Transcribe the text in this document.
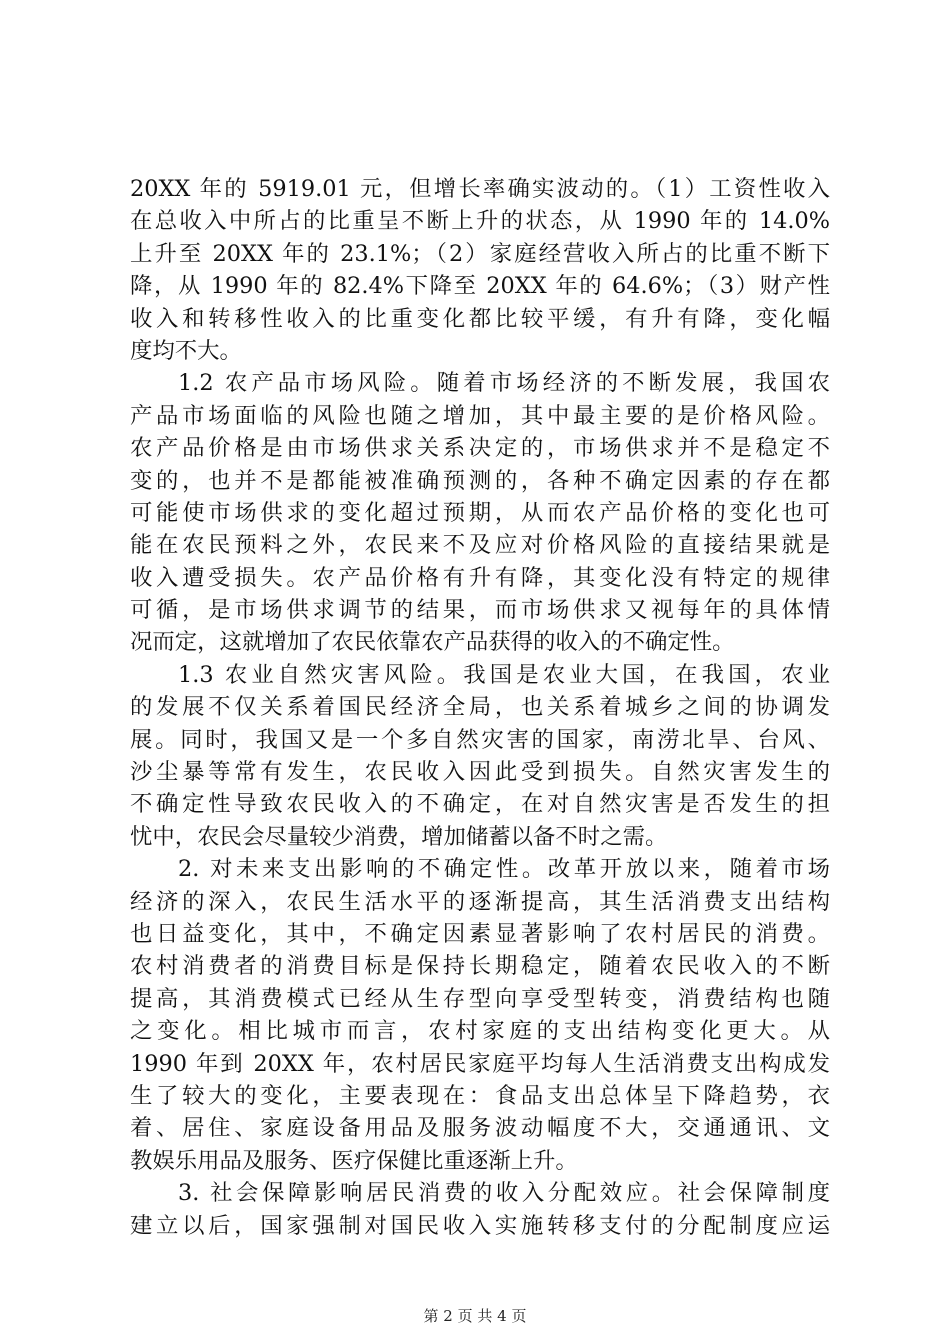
20XX 年的 5919.01 元，但增长率确实波动的。（1）工资性收入
在总收入中所占的比重呈不断上升的状态，从 1990 年的 14.0%
上升至 20XX 年的 23.1%；（2）家庭经营收入所占的比重不断下
降，从 1990 年的 82.4%下降至 20XX 年的 64.6%；（3）财产性
收入和转移性收入的比重变化都比较平缓，有升有降，变化幅
度均不大。
1.2 农产品市场风险。随着市场经济的不断发展，我国农
产品市场面临的风险也随之增加，其中最主要的是价格风险。
农产品价格是由市场供求关系决定的，市场供求并不是稳定不
变的，也并不是都能被准确预测的，各种不确定因素的存在都
可能使市场供求的变化超过预期，从而农产品价格的变化也可
能在农民预料之外，农民来不及应对价格风险的直接结果就是
收入遭受损失。农产品价格有升有降，其变化没有特定的规律
可循，是市场供求调节的结果，而市场供求又视每年的具体情
况而定，这就增加了农民依靠农产品获得的收入的不确定性。
1.3 农业自然灾害风险。我国是农业大国，在我国，农业
的发展不仅关系着国民经济全局，也关系着城乡之间的协调发
展。同时，我国又是一个多自然灾害的国家，南涝北旱、台风、
沙尘暴等常有发生，农民收入因此受到损失。自然灾害发生的
不确定性导致农民收入的不确定，在对自然灾害是否发生的担
忧中，农民会尽量较少消费，增加储蓄以备不时之需。
2. 对未来支出影响的不确定性。改革开放以来，随着市场
经济的深入，农民生活水平的逐渐提高，其生活消费支出结构
也日益变化，其中，不确定因素显著影响了农村居民的消费。
农村消费者的消费目标是保持长期稳定，随着农民收入的不断
提高，其消费模式已经从生存型向享受型转变，消费结构也随
之变化。相比城市而言，农村家庭的支出结构变化更大。从
1990 年到 20XX 年，农村居民家庭平均每人生活消费支出构成发
生了较大的变化，主要表现在：食品支出总体呈下降趋势，衣
着、居住、家庭设备用品及服务波动幅度不大，交通通讯、文
教娱乐用品及服务、医疗保健比重逐渐上升。
3. 社会保障影响居民消费的收入分配效应。社会保障制度
建立以后，国家强制对国民收入实施转移支付的分配制度应运
第 2 页 共 4 页
